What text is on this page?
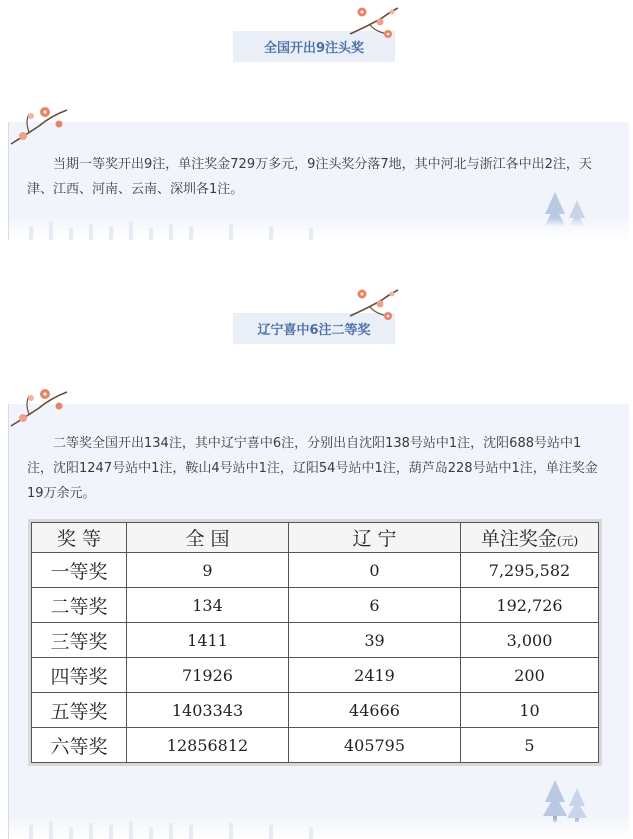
全国开出9注头奖

当期一等奖开出9注，单注奖金729万多元，9注头奖分落7地，其中河北与浙江各中出2注，天津、江西、河南、云南、深圳各1注。

辽宁喜中6注二等奖

二等奖全国开出134注，其中辽宁喜中6注，分别出自沈阳138号站中1注，沈阳688号站中1注，沈阳1247号站中1注，鞍山4号站中1注，辽阳54号站中1注，葫芦岛228号站中1注，单注奖金19万余元。

奖 等	全 国	辽 宁	单注奖金(元)
一等奖	9	0	7,295,582
二等奖	134	6	192,726
三等奖	1411	39	3,000
四等奖	71926	2419	200
五等奖	1403343	44666	10
六等奖	12856812	405795	5
